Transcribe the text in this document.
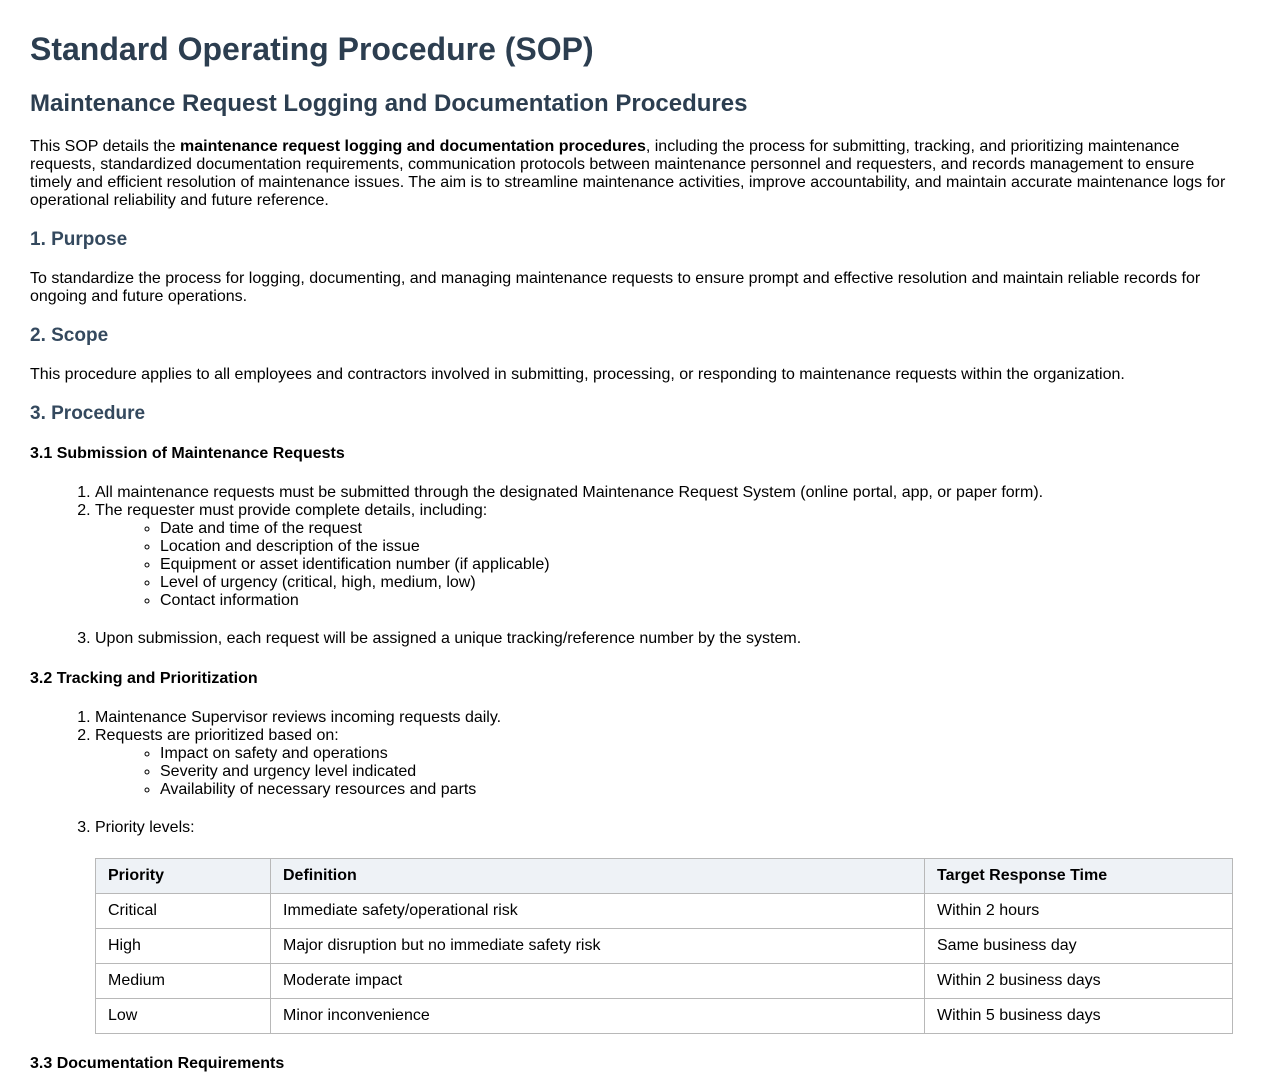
Standard Operating Procedure (SOP)
Maintenance Request Logging and Documentation Procedures

This SOP details the maintenance request logging and documentation procedures, including the process for submitting, tracking, and prioritizing maintenance requests, standardized documentation requirements, communication protocols between maintenance personnel and requesters, and records management to ensure timely and efficient resolution of maintenance issues. The aim is to streamline maintenance activities, improve accountability, and maintain accurate maintenance logs for operational reliability and future reference.

1. Purpose

To standardize the process for logging, documenting, and managing maintenance requests to ensure prompt and effective resolution and maintain reliable records for ongoing and future operations.

2. Scope

This procedure applies to all employees and contractors involved in submitting, processing, or responding to maintenance requests within the organization.

3. Procedure
3.1 Submission of Maintenance Requests
1. All maintenance requests must be submitted through the designated Maintenance Request System (online portal, app, or paper form).
2. The requester must provide complete details, including:
◦ Date and time of the request
◦ Location and description of the issue
◦ Equipment or asset identification number (if applicable)
◦ Level of urgency (critical, high, medium, low)
◦ Contact information
3. Upon submission, each request will be assigned a unique tracking/reference number by the system.
3.2 Tracking and Prioritization
1. Maintenance Supervisor reviews incoming requests daily.
2. Requests are prioritized based on:
◦ Impact on safety and operations
◦ Severity and urgency level indicated
◦ Availability of necessary resources and parts
3. Priority levels:
Priority	Definition	Target Response Time
Critical	Immediate safety/operational risk	Within 2 hours
High	Major disruption but no immediate safety risk	Same business day
Medium	Moderate impact	Within 2 business days
Low	Minor inconvenience	Within 5 business days
3.3 Documentation Requirements
